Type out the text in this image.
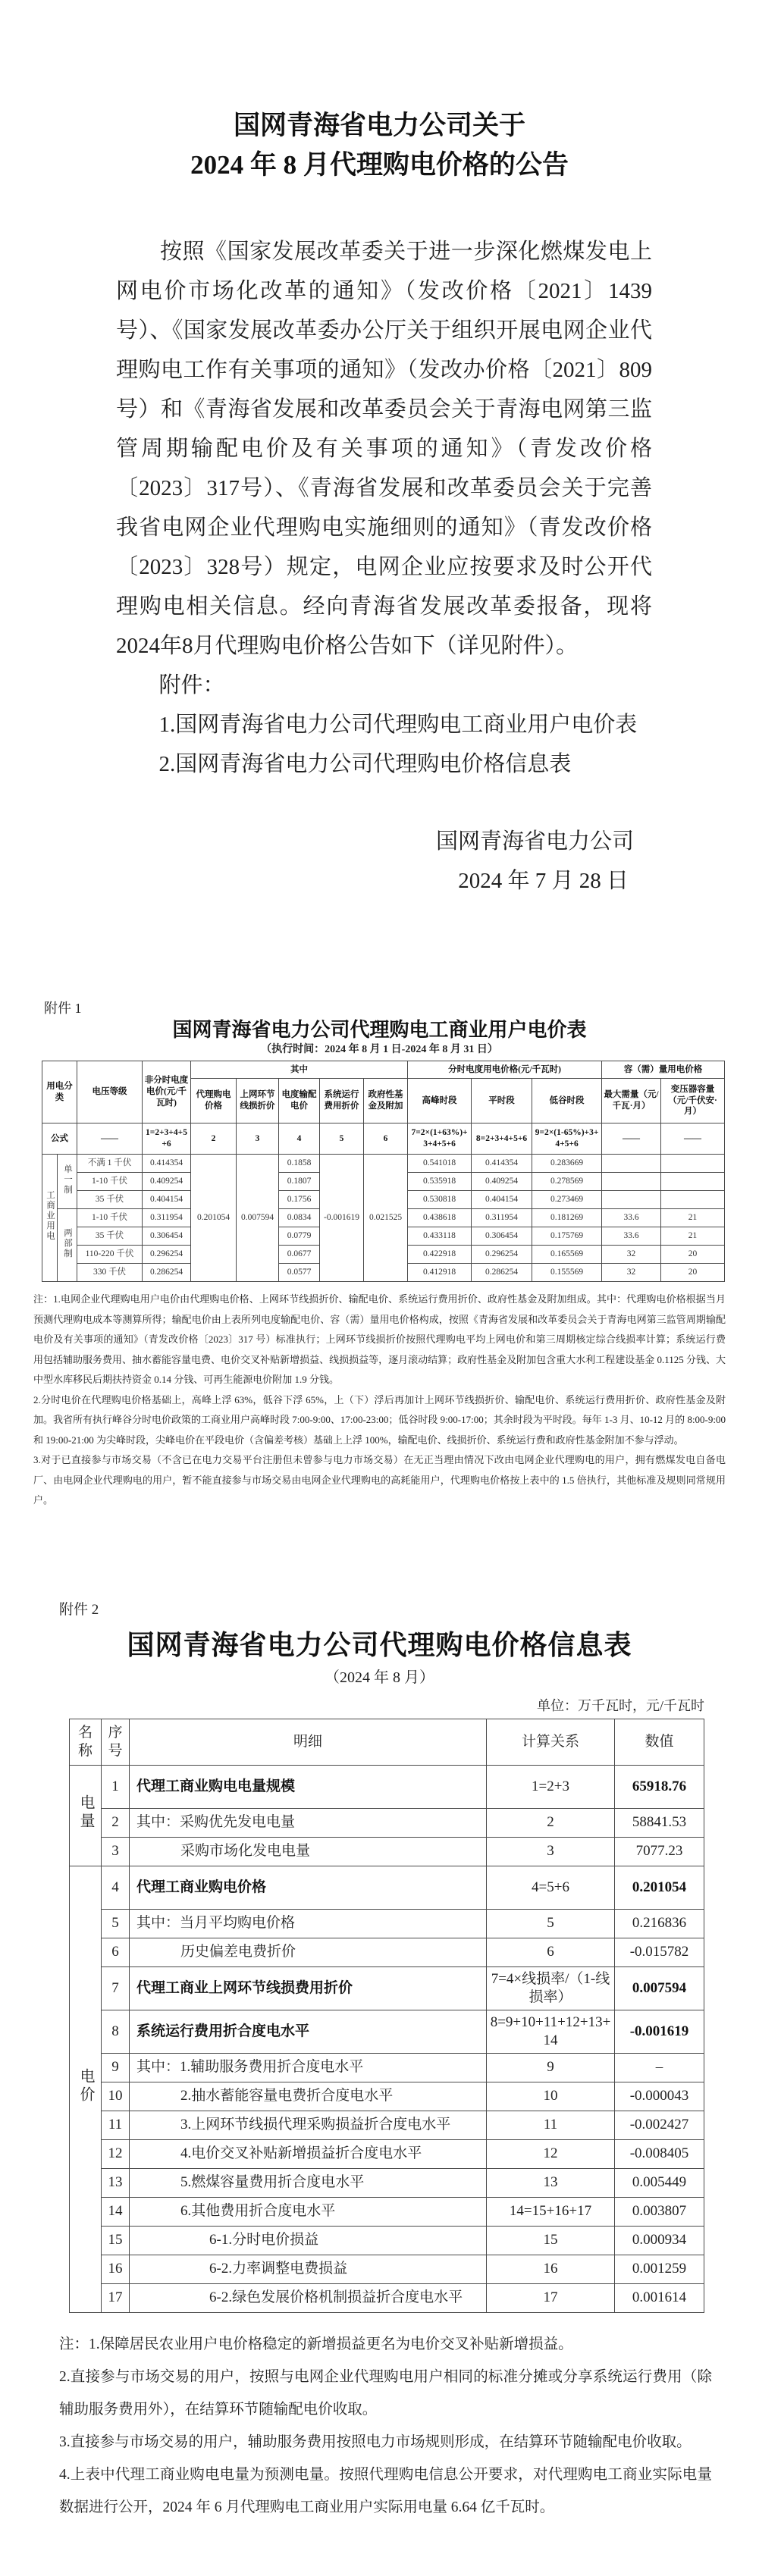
国网青海省电力公司关于
2024 年 8 月代理购电价格的公告

按照《国家发展改革委关于进一步深化燃煤发电上网电价市场化改革的通知》（发改价格〔2021〕1439号）、《国家发展改革委办公厅关于组织开展电网企业代理购电工作有关事项的通知》（发改办价格〔2021〕809号）和《青海省发展和改革委员会关于青海电网第三监管周期输配电价及有关事项的通知》（青发改价格〔2023〕317号）、《青海省发展和改革委员会关于完善我省电网企业代理购电实施细则的通知》（青发改价格〔2023〕328号）规定，电网企业应按要求及时公开代理购电相关信息。经向青海省发展改革委报备，现将2024年8月代理购电价格公告如下（详见附件）。

附件：
1.国网青海省电力公司代理购电工商业用户电价表
2.国网青海省电力公司代理购电价格信息表
国网青海省电力公司
2024 年 7 月 28 日
附件 1
国网青海省电力公司代理购电工商业用户电价表
（执行时间：2024 年 8 月 1 日-2024 年 8 月 31 日）
用电分类		电压等级	非分时电度电价(元/千瓦时)	其中					分时电度用电价格(元/千瓦时)			容（需）量用电价格	
				代理购电价格	上网环节线损折价	电度输配电价	系统运行费用折价	政府性基金及附加	高峰时段	平时段	低谷时段	最大需量（元/千瓦·月）	变压器容量（元/千伏安·月）
公式		——	1=2+3+4+5+6	2	3	4	5	6	7=2×(1+63%)+3+4+5+6	8=2+3+4+5+6	9=2×(1-65%)+3+4+5+6	——	——
工商业用电	单一制	不满 1 千伏	0.414354	0.201054	0.007594	0.1858	-0.001619	0.021525	0.541018	0.414354	0.283669		
		1-10 千伏	0.409254			0.1807			0.535918	0.409254	0.278569		
		35 千伏	0.404154			0.1756			0.530818	0.404154	0.273469		
	两部制	1-10 千伏	0.311954			0.0834			0.438618	0.311954	0.181269	33.6	21
		35 千伏	0.306454			0.0779			0.433118	0.306454	0.175769	33.6	21
		110-220 千伏	0.296254			0.0677			0.422918	0.296254	0.165569	32	20
		330 千伏	0.286254			0.0577			0.412918	0.286254	0.155569	32	20
注：1.电网企业代理购电用户电价由代理购电价格、上网环节线损折价、输配电价、系统运行费用折价、政府性基金及附加组成。其中：代理购电价格根据当月预测代理购电成本等测算所得；输配电价由上表所列电度输配电价、容（需）量用电价格构成，按照《青海省发展和改革委员会关于青海电网第三监管周期输配电价及有关事项的通知》（青发改价格〔2023〕317 号）标准执行；上网环节线损折价按照代理购电平均上网电价和第三周期核定综合线损率计算；系统运行费用包括辅助服务费用、抽水蓄能容量电费、电价交叉补贴新增损益、线损损益等，逐月滚动结算；政府性基金及附加包含重大水利工程建设基金 0.1125 分钱、大中型水库移民后期扶持资金 0.14 分钱、可再生能源电价附加 1.9 分钱。
2.分时电价在代理购电价格基础上，高峰上浮 63%，低谷下浮 65%，上（下）浮后再加计上网环节线损折价、输配电价、系统运行费用折价、政府性基金及附加。我省所有执行峰谷分时电价政策的工商业用户高峰时段 7:00-9:00、17:00-23:00；低谷时段 9:00-17:00；其余时段为平时段。每年 1-3 月、10-12 月的 8:00-9:00 和 19:00-21:00 为尖峰时段，尖峰电价在平段电价（含偏差考核）基础上上浮 100%，输配电价、线损折价、系统运行费和政府性基金附加不参与浮动。
3.对于已直接参与市场交易（不含已在电力交易平台注册但未曾参与电力市场交易）在无正当理由情况下改由电网企业代理购电的用户，拥有燃煤发电自备电厂、由电网企业代理购电的用户，暂不能直接参与市场交易由电网企业代理购电的高耗能用户，代理购电价格按上表中的 1.5 倍执行，其他标准及规则同常规用户。
附件 2
国网青海省电力公司代理购电价格信息表
（2024 年 8 月）
单位：万千瓦时，元/千瓦时
名称	序号	明细	计算关系	数值
电量	1	代理工商业购电电量规模	1=2+3	65918.76
	2	其中：采购优先发电电量	2	58841.53
	3	采购市场化发电电量	3	7077.23
电价	4	代理工商业购电价格	4=5+6	0.201054
	5	其中：当月平均购电价格	5	0.216836
	6	历史偏差电费折价	6	-0.015782
	7	代理工商业上网环节线损费用折价	7=4×线损率/（1-线损率）	0.007594
	8	系统运行费用折合度电水平	8=9+10+11+12+13+14	-0.001619
	9	其中：1.辅助服务费用折合度电水平	9	–
	10	2.抽水蓄能容量电费折合度电水平	10	-0.000043
	11	3.上网环节线损代理采购损益折合度电水平	11	-0.002427
	12	4.电价交叉补贴新增损益折合度电水平	12	-0.008405
	13	5.燃煤容量费用折合度电水平	13	0.005449
	14	6.其他费用折合度电水平	14=15+16+17	0.003807
	15	6-1.分时电价损益	15	0.000934
	16	6-2.力率调整电费损益	16	0.001259
	17	6-2.绿色发展价格机制损益折合度电水平	17	0.001614
注：1.保障居民农业用户电价格稳定的新增损益更名为电价交叉补贴新增损益。
2.直接参与市场交易的用户，按照与电网企业代理购电用户相同的标准分摊或分享系统运行费用（除辅助服务费用外），在结算环节随输配电价收取。
3.直接参与市场交易的用户，辅助服务费用按照电力市场规则形成，在结算环节随输配电价收取。
4.上表中代理工商业购电电量为预测电量。按照代理购电信息公开要求，对代理购电工商业实际电量数据进行公开，2024 年 6 月代理购电工商业用户实际用电量 6.64 亿千瓦时。
